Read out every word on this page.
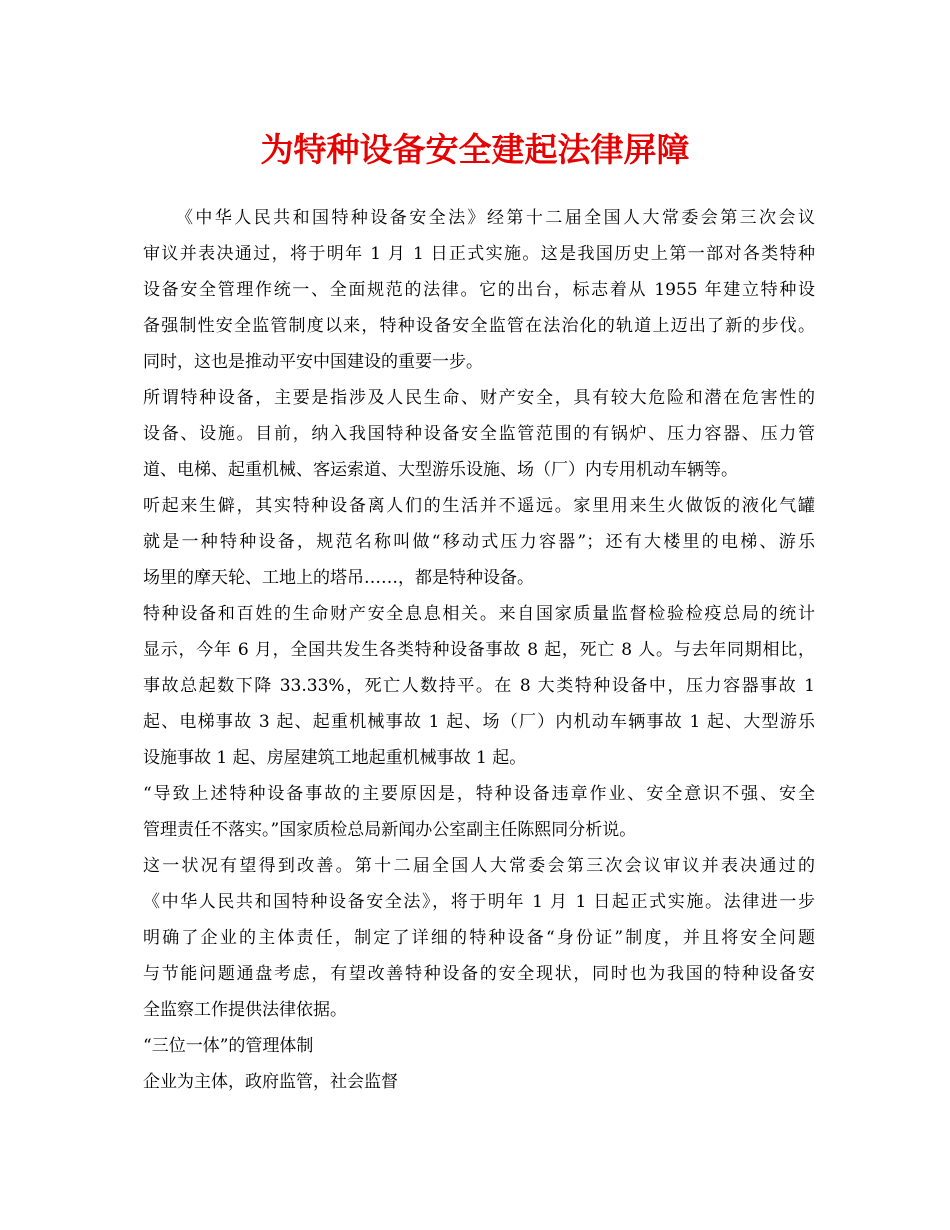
为特种设备安全建起法律屏障
《中华人民共和国特种设备安全法》经第十二届全国人大常委会第三次会议
审议并表决通过，将于明年 1 月 1 日正式实施。这是我国历史上第一部对各类特种
设备安全管理作统一、全面规范的法律。它的出台，标志着从 1955 年建立特种设
备强制性安全监管制度以来，特种设备安全监管在法治化的轨道上迈出了新的步伐。
同时，这也是推动平安中国建设的重要一步。
所谓特种设备，主要是指涉及人民生命、财产安全，具有较大危险和潜在危害性的
设备、设施。目前，纳入我国特种设备安全监管范围的有锅炉、压力容器、压力管
道、电梯、起重机械、客运索道、大型游乐设施、场（厂）内专用机动车辆等。
听起来生僻，其实特种设备离人们的生活并不遥远。家里用来生火做饭的液化气罐
就是一种特种设备，规范名称叫做“移动式压力容器”；还有大楼里的电梯、游乐
场里的摩天轮、工地上的塔吊……，都是特种设备。
特种设备和百姓的生命财产安全息息相关。来自国家质量监督检验检疫总局的统计
显示，今年 6 月，全国共发生各类特种设备事故 8 起，死亡 8 人。与去年同期相比，
事故总起数下降 33.33%，死亡人数持平。在 8 大类特种设备中，压力容器事故 1
起、电梯事故 3 起、起重机械事故 1 起、场（厂）内机动车辆事故 1 起、大型游乐
设施事故 1 起、房屋建筑工地起重机械事故 1 起。
“导致上述特种设备事故的主要原因是，特种设备违章作业、安全意识不强、安全
管理责任不落实。”国家质检总局新闻办公室副主任陈熙同分析说。
这一状况有望得到改善。第十二届全国人大常委会第三次会议审议并表决通过的
《中华人民共和国特种设备安全法》，将于明年 1 月 1 日起正式实施。法律进一步
明确了企业的主体责任，制定了详细的特种设备“身份证”制度，并且将安全问题
与节能问题通盘考虑，有望改善特种设备的安全现状，同时也为我国的特种设备安
全监察工作提供法律依据。
“三位一体”的管理体制
企业为主体，政府监管，社会监督
